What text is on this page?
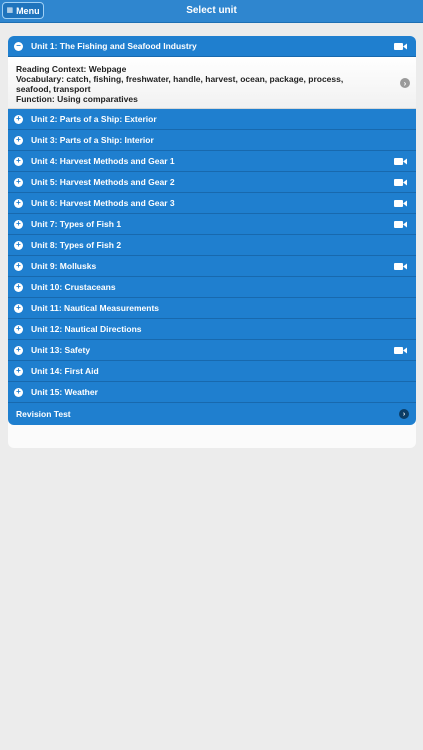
▦ Menu	Select unit
− Unit 1: The Fishing and Seafood Industry
Reading Context: Webpage
Vocabulary: catch, fishing, freshwater, handle, harvest, ocean, package, process, seafood, transport
Function: Using comparatives
›
+ Unit 2: Parts of a Ship: Exterior
+ Unit 3: Parts of a Ship: Interior
+ Unit 4: Harvest Methods and Gear 1
+ Unit 5: Harvest Methods and Gear 2
+ Unit 6: Harvest Methods and Gear 3
+ Unit 7: Types of Fish 1
+ Unit 8: Types of Fish 2
+ Unit 9: Mollusks
+ Unit 10: Crustaceans
+ Unit 11: Nautical Measurements
+ Unit 12: Nautical Directions
+ Unit 13: Safety
+ Unit 14: First Aid
+ Unit 15: Weather
Revision Test	›
